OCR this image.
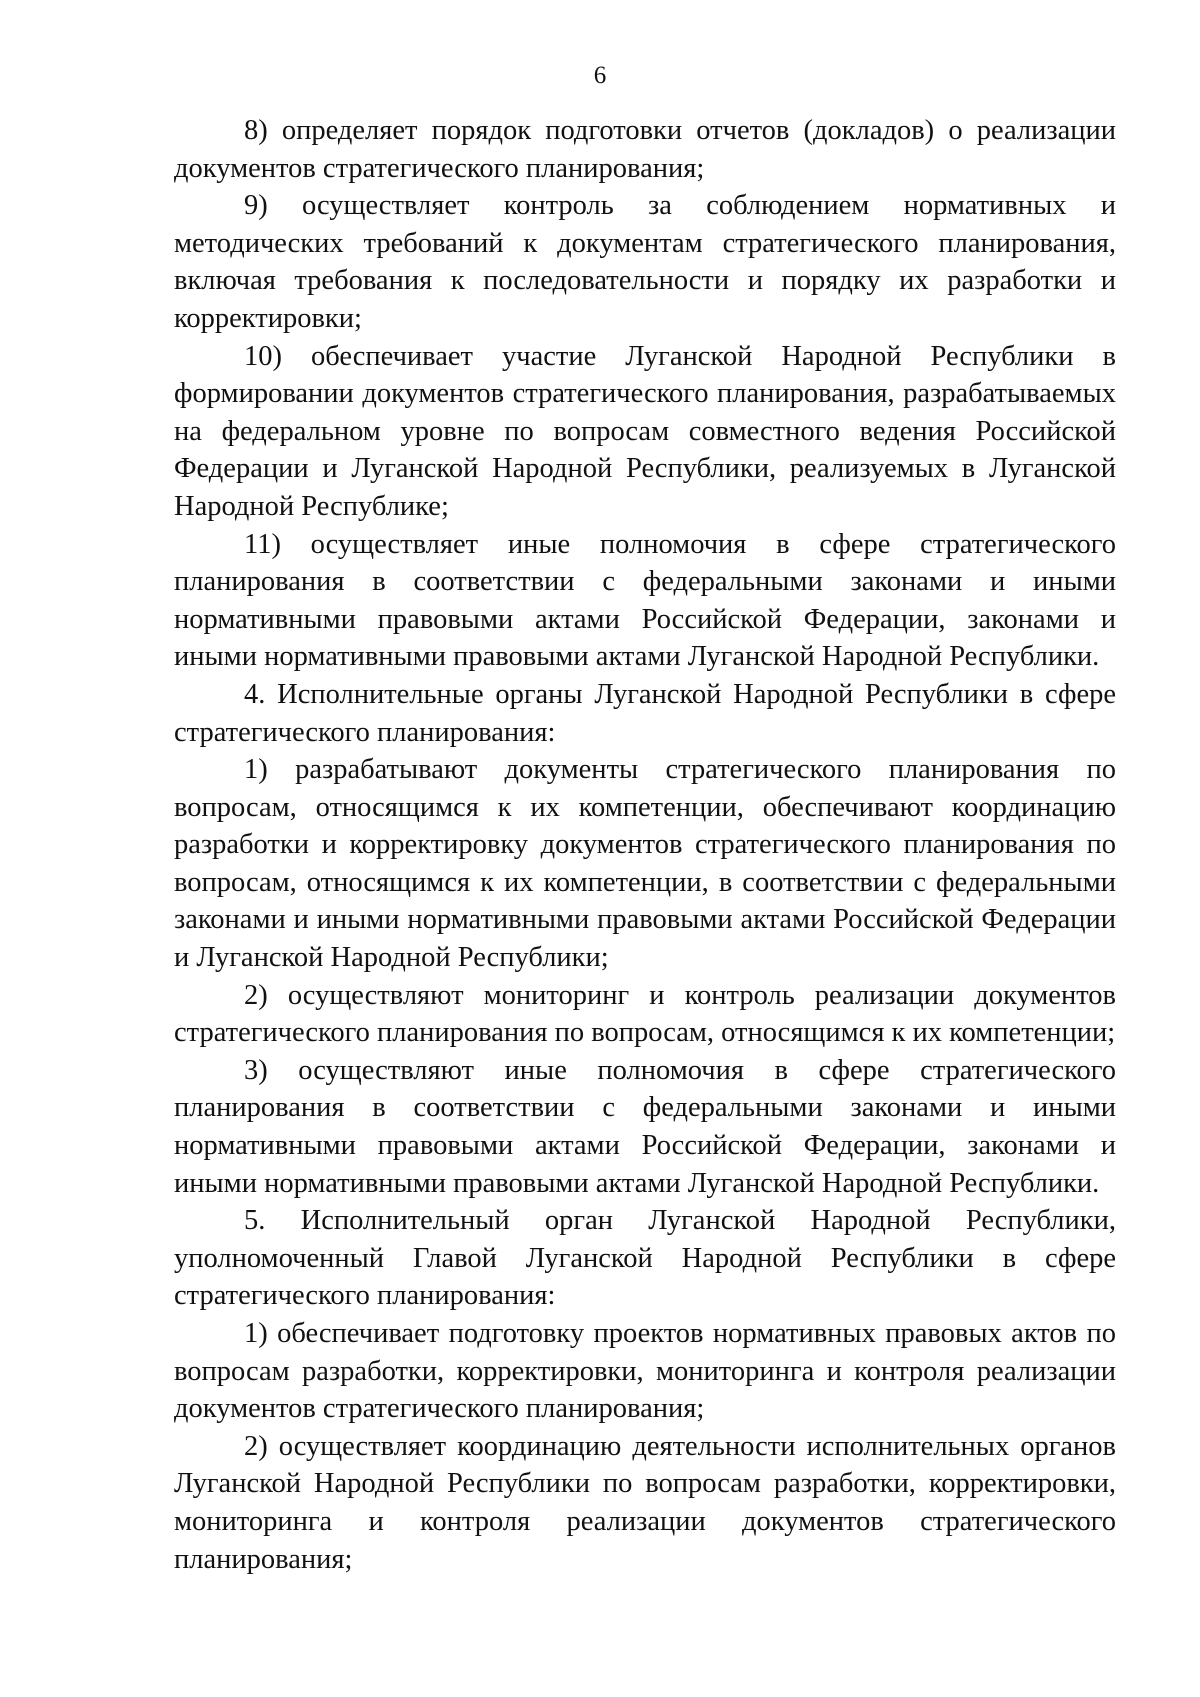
6

8) определяет порядок подготовки отчетов (докладов) о реализации документов стратегического планирования;

9) осуществляет контроль за соблюдением нормативных и методических требований к документам стратегического планирования, включая требования к последовательности и порядку их разработки и корректировки;

10) обеспечивает участие Луганской Народной Республики в формировании документов стратегического планирования, разрабатываемых на федеральном уровне по вопросам совместного ведения Российской Федерации и Луганской Народной Республики, реализуемых в Луганской Народной Республике;

11) осуществляет иные полномочия в сфере стратегического планирования в соответствии с федеральными законами и иными нормативными правовыми актами Российской Федерации, законами и иными нормативными правовыми актами Луганской Народной Республики.

4. Исполнительные органы Луганской Народной Республики в сфере стратегического планирования:

1) разрабатывают документы стратегического планирования по вопросам, относящимся к их компетенции, обеспечивают координацию разработки и корректировку документов стратегического планирования по вопросам, относящимся к их компетенции, в соответствии с федеральными законами и иными нормативными правовыми актами Российской Федерации и Луганской Народной Республики;

2) осуществляют мониторинг и контроль реализации документов стратегического планирования по вопросам, относящимся к их компетенции;

3) осуществляют иные полномочия в сфере стратегического планирования в соответствии с федеральными законами и иными нормативными правовыми актами Российской Федерации, законами и иными нормативными правовыми актами Луганской Народной Республики.

5. Исполнительный орган Луганской Народной Республики, уполномоченный Главой Луганской Народной Республики в сфере стратегического планирования:

1) обеспечивает подготовку проектов нормативных правовых актов по вопросам разработки, корректировки, мониторинга и контроля реализации документов стратегического планирования;

2) осуществляет координацию деятельности исполнительных органов Луганской Народной Республики по вопросам разработки, корректировки, мониторинга и контроля реализации документов стратегического планирования;
